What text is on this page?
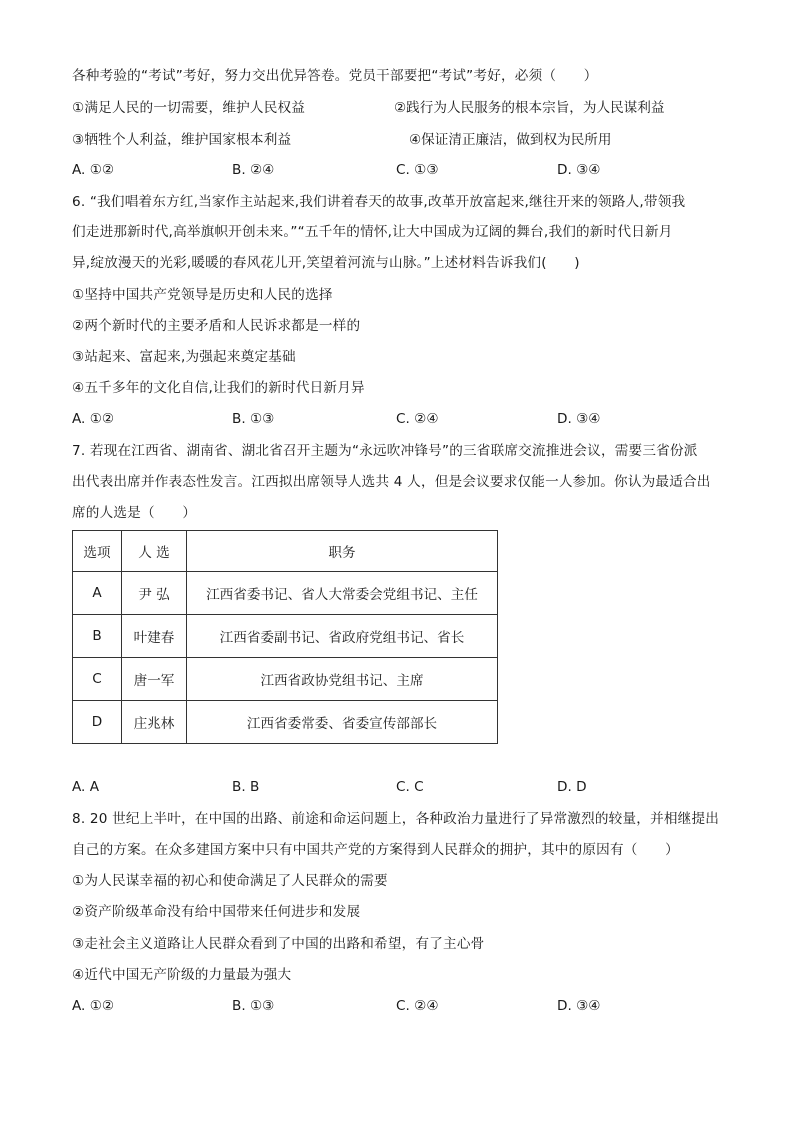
各种考验的“考试”考好，努力交出优异答卷。党员干部要把“考试”考好，必须（　　）
①满足人民的一切需要，维护人民权益	②践行为人民服务的根本宗旨，为人民谋利益
③牺牲个人利益，维护国家根本利益	④保证清正廉洁，做到权为民所用
A. ①②	B. ②④	C. ①③	D. ③④
6. “我们唱着东方红,当家作主站起来,我们讲着春天的故事,改革开放富起来,继往开来的领路人,带领我
们走进那新时代,高举旗帜开创未来。”“五千年的情怀,让大中国成为辽阔的舞台,我们的新时代日新月
异,绽放漫天的光彩,暖暖的春风花儿开,笑望着河流与山脉。”上述材料告诉我们(　　)
①坚持中国共产党领导是历史和人民的选择
②两个新时代的主要矛盾和人民诉求都是一样的
③站起来、富起来,为强起来奠定基础
④五千多年的文化自信,让我们的新时代日新月异
A. ①②	B. ①③	C. ②④	D. ③④
7. 若现在江西省、湖南省、湖北省召开主题为“永远吹冲锋号”的三省联席交流推进会议，需要三省份派
出代表出席并作表态性发言。江西拟出席领导人选共 4 人，但是会议要求仅能一人参加。你认为最适合出
席的人选是（　　）
选项	人 选	职务
A	尹 弘	江西省委书记、省人大常委会党组书记、主任
B	叶建春	江西省委副书记、省政府党组书记、省长
C	唐一军	江西省政协党组书记、主席
D	庄兆林	江西省委常委、省委宣传部部长
A. A	B. B	C. C	D. D
8. 20 世纪上半叶，在中国的出路、前途和命运问题上，各种政治力量进行了异常激烈的较量，并相继提出
自己的方案。在众多建国方案中只有中国共产党的方案得到人民群众的拥护，其中的原因有（　　）
①为人民谋幸福的初心和使命满足了人民群众的需要
②资产阶级革命没有给中国带来任何进步和发展
③走社会主义道路让人民群众看到了中国的出路和希望，有了主心骨
④近代中国无产阶级的力量最为强大
A. ①②	B. ①③	C. ②④	D. ③④
